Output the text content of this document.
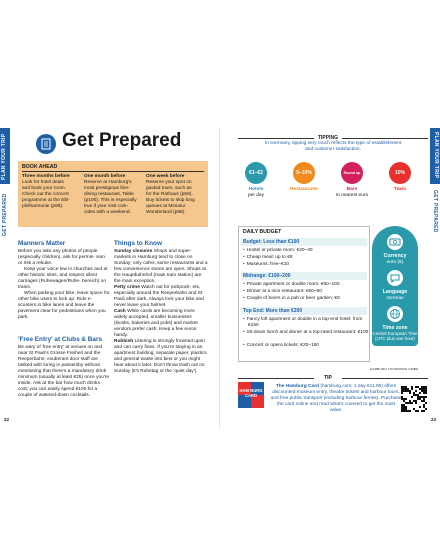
PLAN YOUR TRIP
GET PREPARED
Get Prepared
BOOK AHEAD
Three months before
Look for hotel deals
and book your room.
Check out the concert
programme at the Elb-
philharmonie (p89).
One month before
Reserve at Hamburg's
most prestigious fine-
dining restaurant, Table
(p100). This is especially
true if your visit coin-
cides with a weekend.
One week before
Reserve your spot on
guided tours, such as
for the Rathaus (p58).
Buy tickets to skip long
queues at Miniatur
Wonderland (p88).
Manners Matter

Before you take any photos of people (especially children), ask for permis- sion or risk a rebuke.

Keep your voice low in churches and at other historic sites, and respect silent carriages (Ruhewagen/Ruhe- bereich) on trains.

When parking your bike, leave space for other bike users to lock up. Ride e-scooters in bike lanes and leave the pavement clear for pedestrians when you park.

'Free Entry' at Clubs & Bars

Be wary of 'free entry' at venues on and near St Pauli's Grosse Freiheit and the Reeperbahn; exuberant door staff are tasked with luring in passersby without mentioning that there's a mandatory drink minimum (usually at least €25) once you're inside. Ask at the bar how much drinks cost; you can easily spend €100 for a couple of watered-down cocktails.

Things to Know

Sunday closures Shops and super- markets in Hamburg tend to close on Sunday; only cafes, some restaurants and a few convenience stores are open. Shops at the Hauptbahnhof (main train station) are the main exception.

Petty crime Watch out for pickpock- ets, especially around the Reeperbahn and St Pauli after dark. Always lock your bike and never leave your helmet.

Cash While cards are becoming more widely accepted, smaller businesses (kiosks, bakeries and pubs) and market vendors prefer cash. Keep a few euros handy.

Rubbish Littering is strongly frowned upon and can carry fines. If you're staying in an apartment building, separate paper, plastics and general waste into bins or you might hear about it later. Don't throw trash out on Sunday (it's Ruhetag or the 'quiet day').

22
PLAN YOUR TRIP
GET PREPARED
TIPPING
In Germany, tipping very much reflects the type of establishment
and customer satisfaction.
€1–€2
Hotels
per day
5–10%
Restaurants
Round up
Bars
to nearest euro
10%
Taxis
DAILY BUDGET
Budget: Less than €100
• Hostel or private room: €20–40
• Cheap meal: up to €8
• Museums: free–€10
Midrange: €100–200
• Private apartment or double room: €60–100
• Dinner at a nice restaurant: €50–60
• Couple of beers in a pub or beer garden: €8
Top End: More than €200
• Fancy loft apartment or double in a top-end hotel: from €150
• Sit-down lunch and dinner at a top-rated restaurant: €100
• Concert or opera tickets: €20–150
Currency
euro (€)
Language
German
Time zone
Central European Time (UTC plus one hour)
TIP
HAMBURG TOURISMUS GMBH
HAM BURG CARD
The Hamburg Card (hamburg.com; 1 day €11.90) offers discounted museum entry, theatre tickets and harbour tours, and free public transport (including harbour ferries). Purchase the card online and read what's covered to get the most value.
23
